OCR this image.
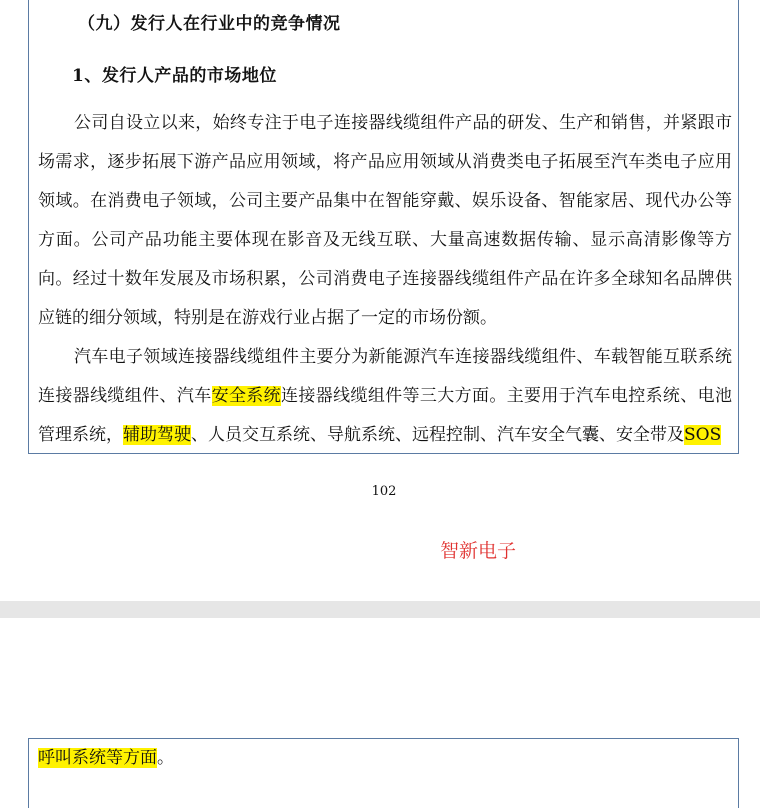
（九）发行人在行业中的竞争情况
1、发行人产品的市场地位

公司自设立以来，始终专注于电子连接器线缆组件产品的研发、生产和销售，并紧跟市场需求，逐步拓展下游产品应用领域，将产品应用领域从消费类电子拓展至汽车类电子应用领域。在消费电子领域，公司主要产品集中在智能穿戴、娱乐设备、智能家居、现代办公等方面。公司产品功能主要体现在影音及无线互联、大量高速数据传输、显示高清影像等方向。经过十数年发展及市场积累，公司消费电子连接器线缆组件产品在许多全球知名品牌供应链的细分领域，特别是在游戏行业占据了一定的市场份额。

汽车电子领域连接器线缆组件主要分为新能源汽车连接器线缆组件、车载智能互联系统连接器线缆组件、汽车安全系统连接器线缆组件等三大方面。主要用于汽车电控系统、电池管理系统，辅助驾驶、人员交互系统、导航系统、远程控制、汽车安全气囊、安全带及SOS

102
智新电子
呼叫系统等方面。
